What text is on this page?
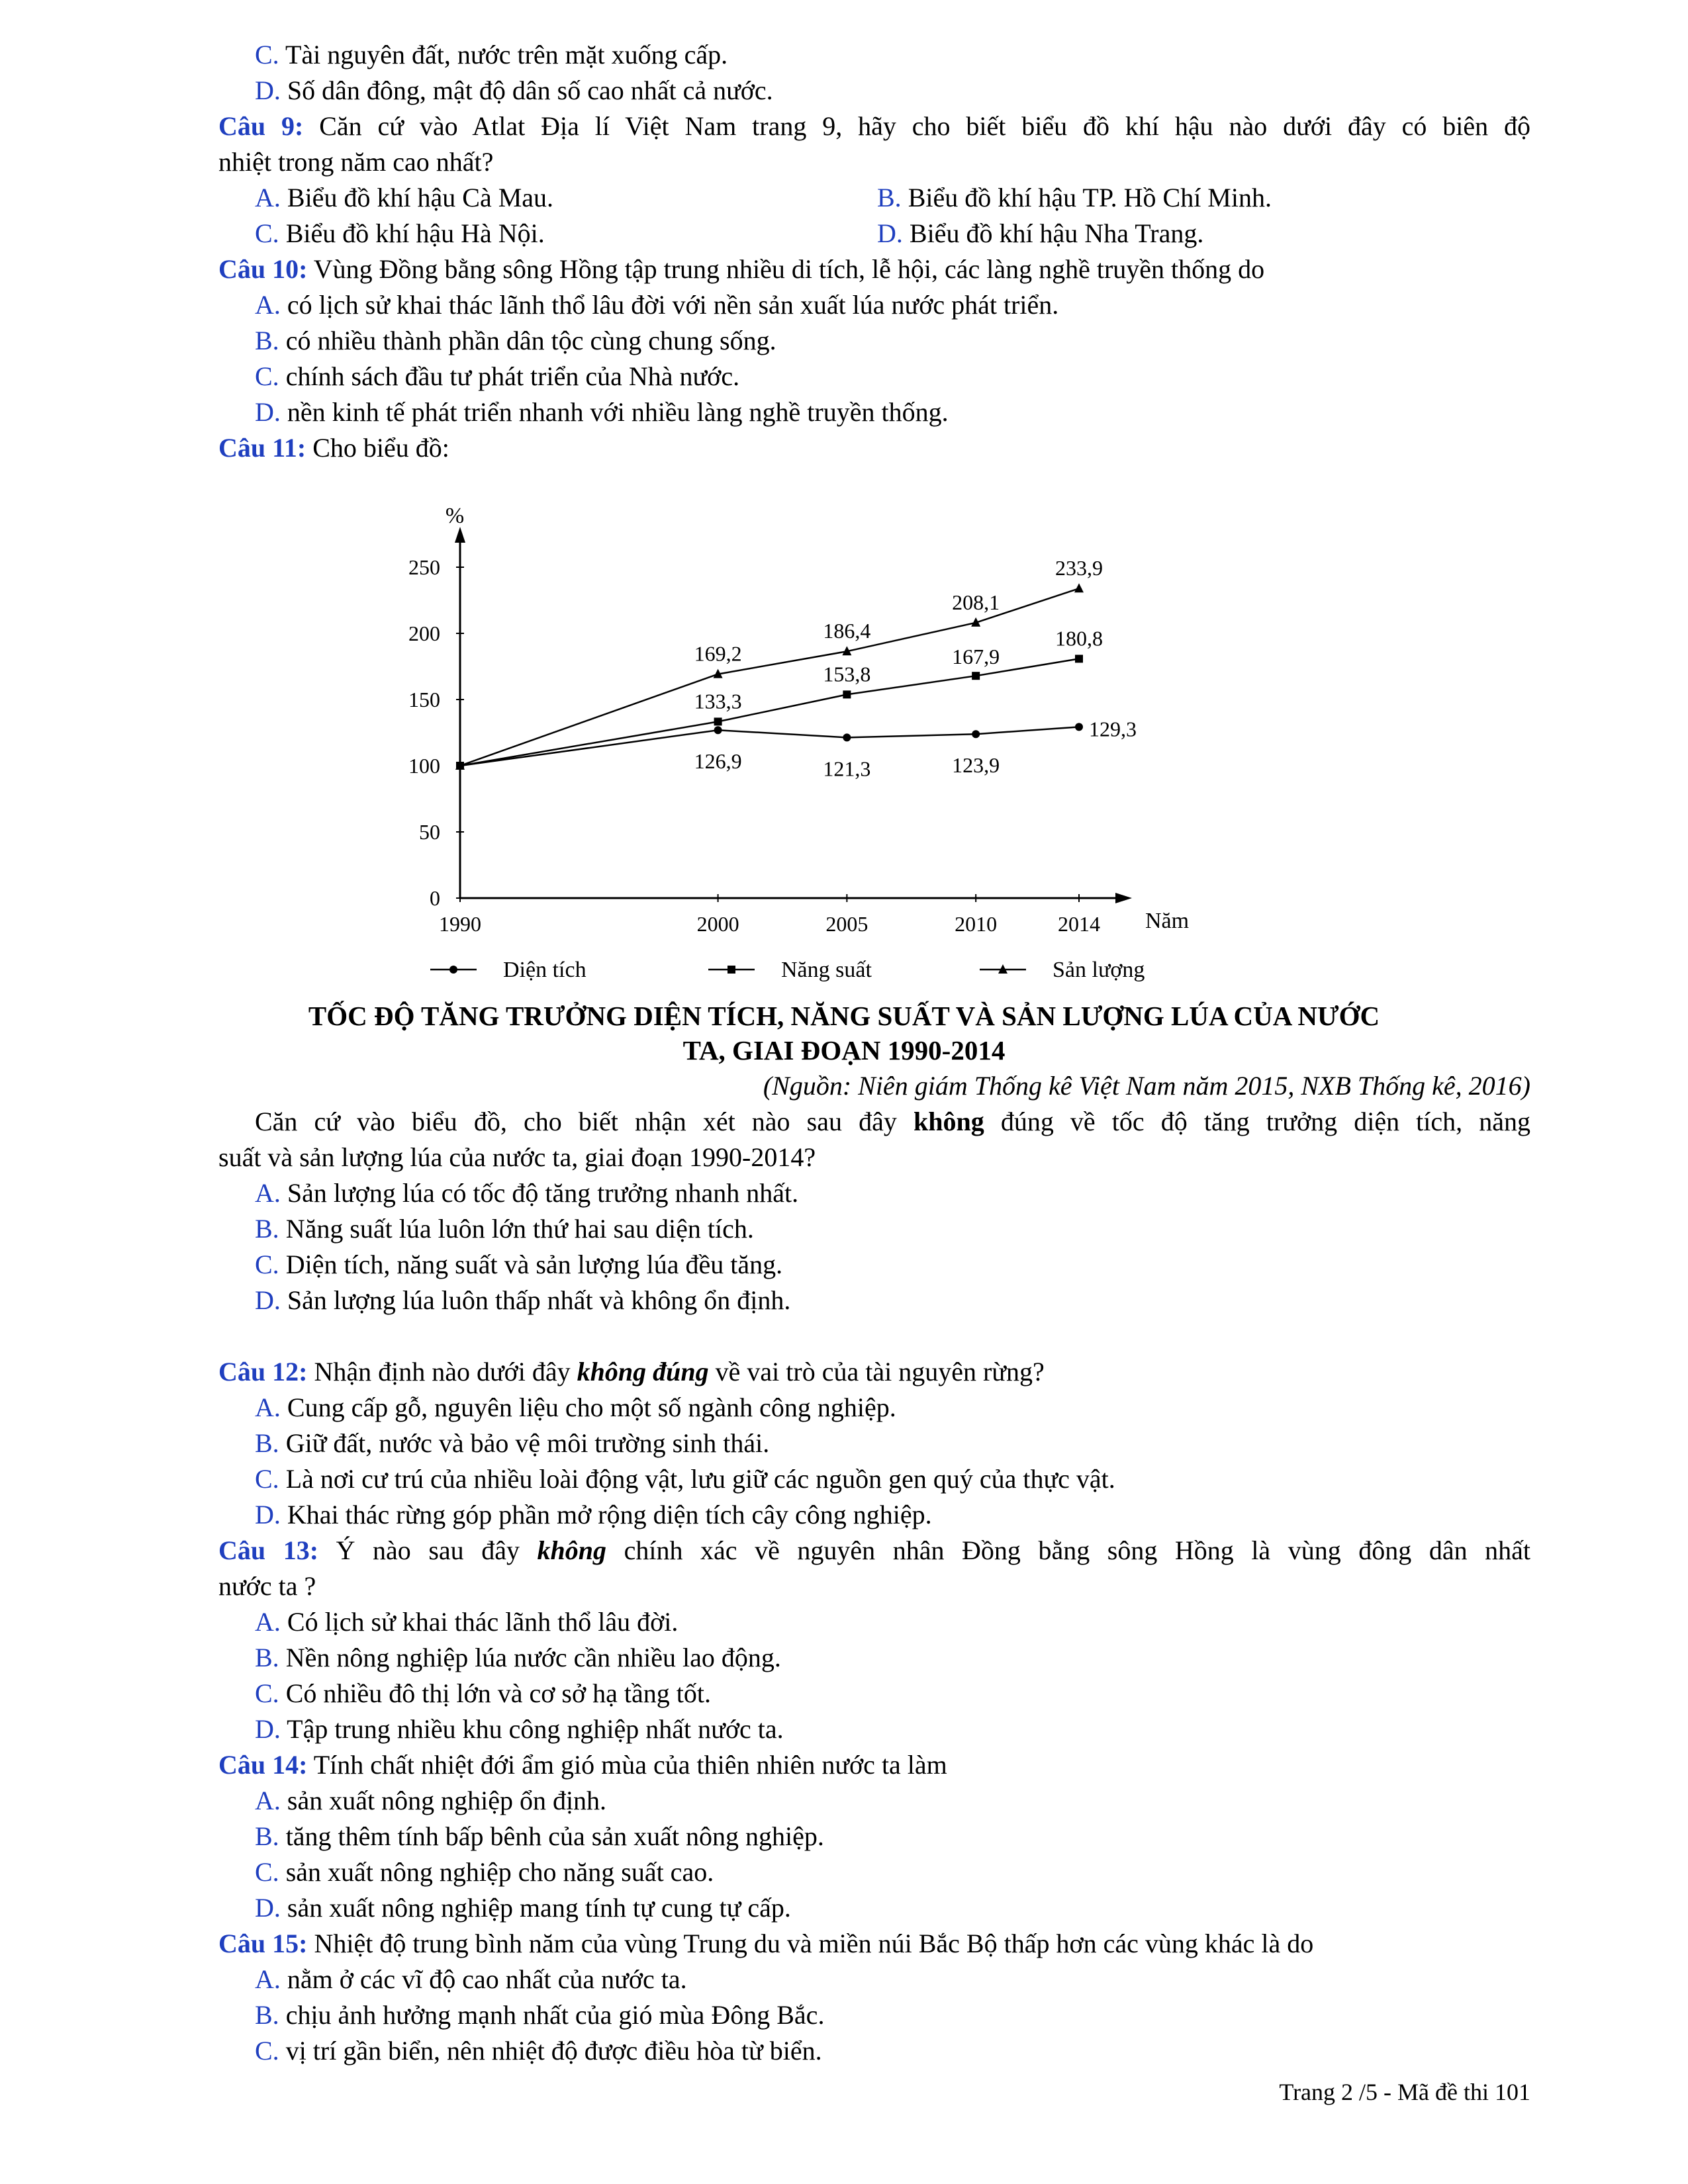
C. Tài nguyên đất, nước trên mặt xuống cấp.
D. Số dân đông, mật độ dân số cao nhất cả nước.
Câu 9: Căn cứ vào Atlat Địa lí Việt Nam trang 9, hãy cho biết biểu đồ khí hậu nào dưới đây có biên độ
nhiệt trong năm cao nhất?
A. Biểu đồ khí hậu Cà Mau.	B. Biểu đồ khí hậu TP. Hồ Chí Minh.
C. Biểu đồ khí hậu Hà Nội.	D. Biểu đồ khí hậu Nha Trang.
Câu 10: Vùng Đồng bằng sông Hồng tập trung nhiều di tích, lễ hội, các làng nghề truyền thống do
A. có lịch sử khai thác lãnh thổ lâu đời với nền sản xuất lúa nước phát triển.
B. có nhiều thành phần dân tộc cùng chung sống.
C. chính sách đầu tư phát triển của Nhà nước.
D. nền kinh tế phát triển nhanh với nhiều làng nghề truyền thống.
Câu 11: Cho biểu đồ:
%
Năm
0
50
100
150
200
250
1990	2000	2005	2010	2014
126,9	121,3	123,9
129,3
133,3
153,8
167,9
180,8
169,2
186,4
208,1
233,9
Diện tích	Năng suất	Sản lượng
TỐC ĐỘ TĂNG TRƯỞNG DIỆN TÍCH, NĂNG SUẤT VÀ SẢN LƯỢNG LÚA CỦA NƯỚC
TA, GIAI ĐOẠN 1990-2014
(Nguồn: Niên giám Thống kê Việt Nam năm 2015, NXB Thống kê, 2016)
Căn cứ vào biểu đồ, cho biết nhận xét nào sau đây không đúng về tốc độ tăng trưởng diện tích, năng
suất và sản lượng lúa của nước ta, giai đoạn 1990-2014?
A. Sản lượng lúa có tốc độ tăng trưởng nhanh nhất.
B. Năng suất lúa luôn lớn thứ hai sau diện tích.
C. Diện tích, năng suất và sản lượng lúa đều tăng.
D. Sản lượng lúa luôn thấp nhất và không ổn định.
Câu 12: Nhận định nào dưới đây không đúng về vai trò của tài nguyên rừng?
A. Cung cấp gỗ, nguyên liệu cho một số ngành công nghiệp.
B. Giữ đất, nước và bảo vệ môi trường sinh thái.
C. Là nơi cư trú của nhiều loài động vật, lưu giữ các nguồn gen quý của thực vật.
D. Khai thác rừng góp phần mở rộng diện tích cây công nghiệp.
Câu 13: Ý nào sau đây không chính xác về nguyên nhân Đồng bằng sông Hồng là vùng đông dân nhất
nước ta ?
A. Có lịch sử khai thác lãnh thổ lâu đời.
B. Nền nông nghiệp lúa nước cần nhiều lao động.
C. Có nhiều đô thị lớn và cơ sở hạ tầng tốt.
D. Tập trung nhiều khu công nghiệp nhất nước ta.
Câu 14: Tính chất nhiệt đới ẩm gió mùa của thiên nhiên nước ta làm
A. sản xuất nông nghiệp ổn định.
B. tăng thêm tính bấp bênh của sản xuất nông nghiệp.
C. sản xuất nông nghiệp cho năng suất cao.
D. sản xuất nông nghiệp mang tính tự cung tự cấp.
Câu 15: Nhiệt độ trung bình năm của vùng Trung du và miền núi Bắc Bộ thấp hơn các vùng khác là do
A. nằm ở các vĩ độ cao nhất của nước ta.
B. chịu ảnh hưởng mạnh nhất của gió mùa Đông Bắc.
C. vị trí gần biển, nên nhiệt độ được điều hòa từ biển.
Trang 2 /5 - Mã đề thi 101
